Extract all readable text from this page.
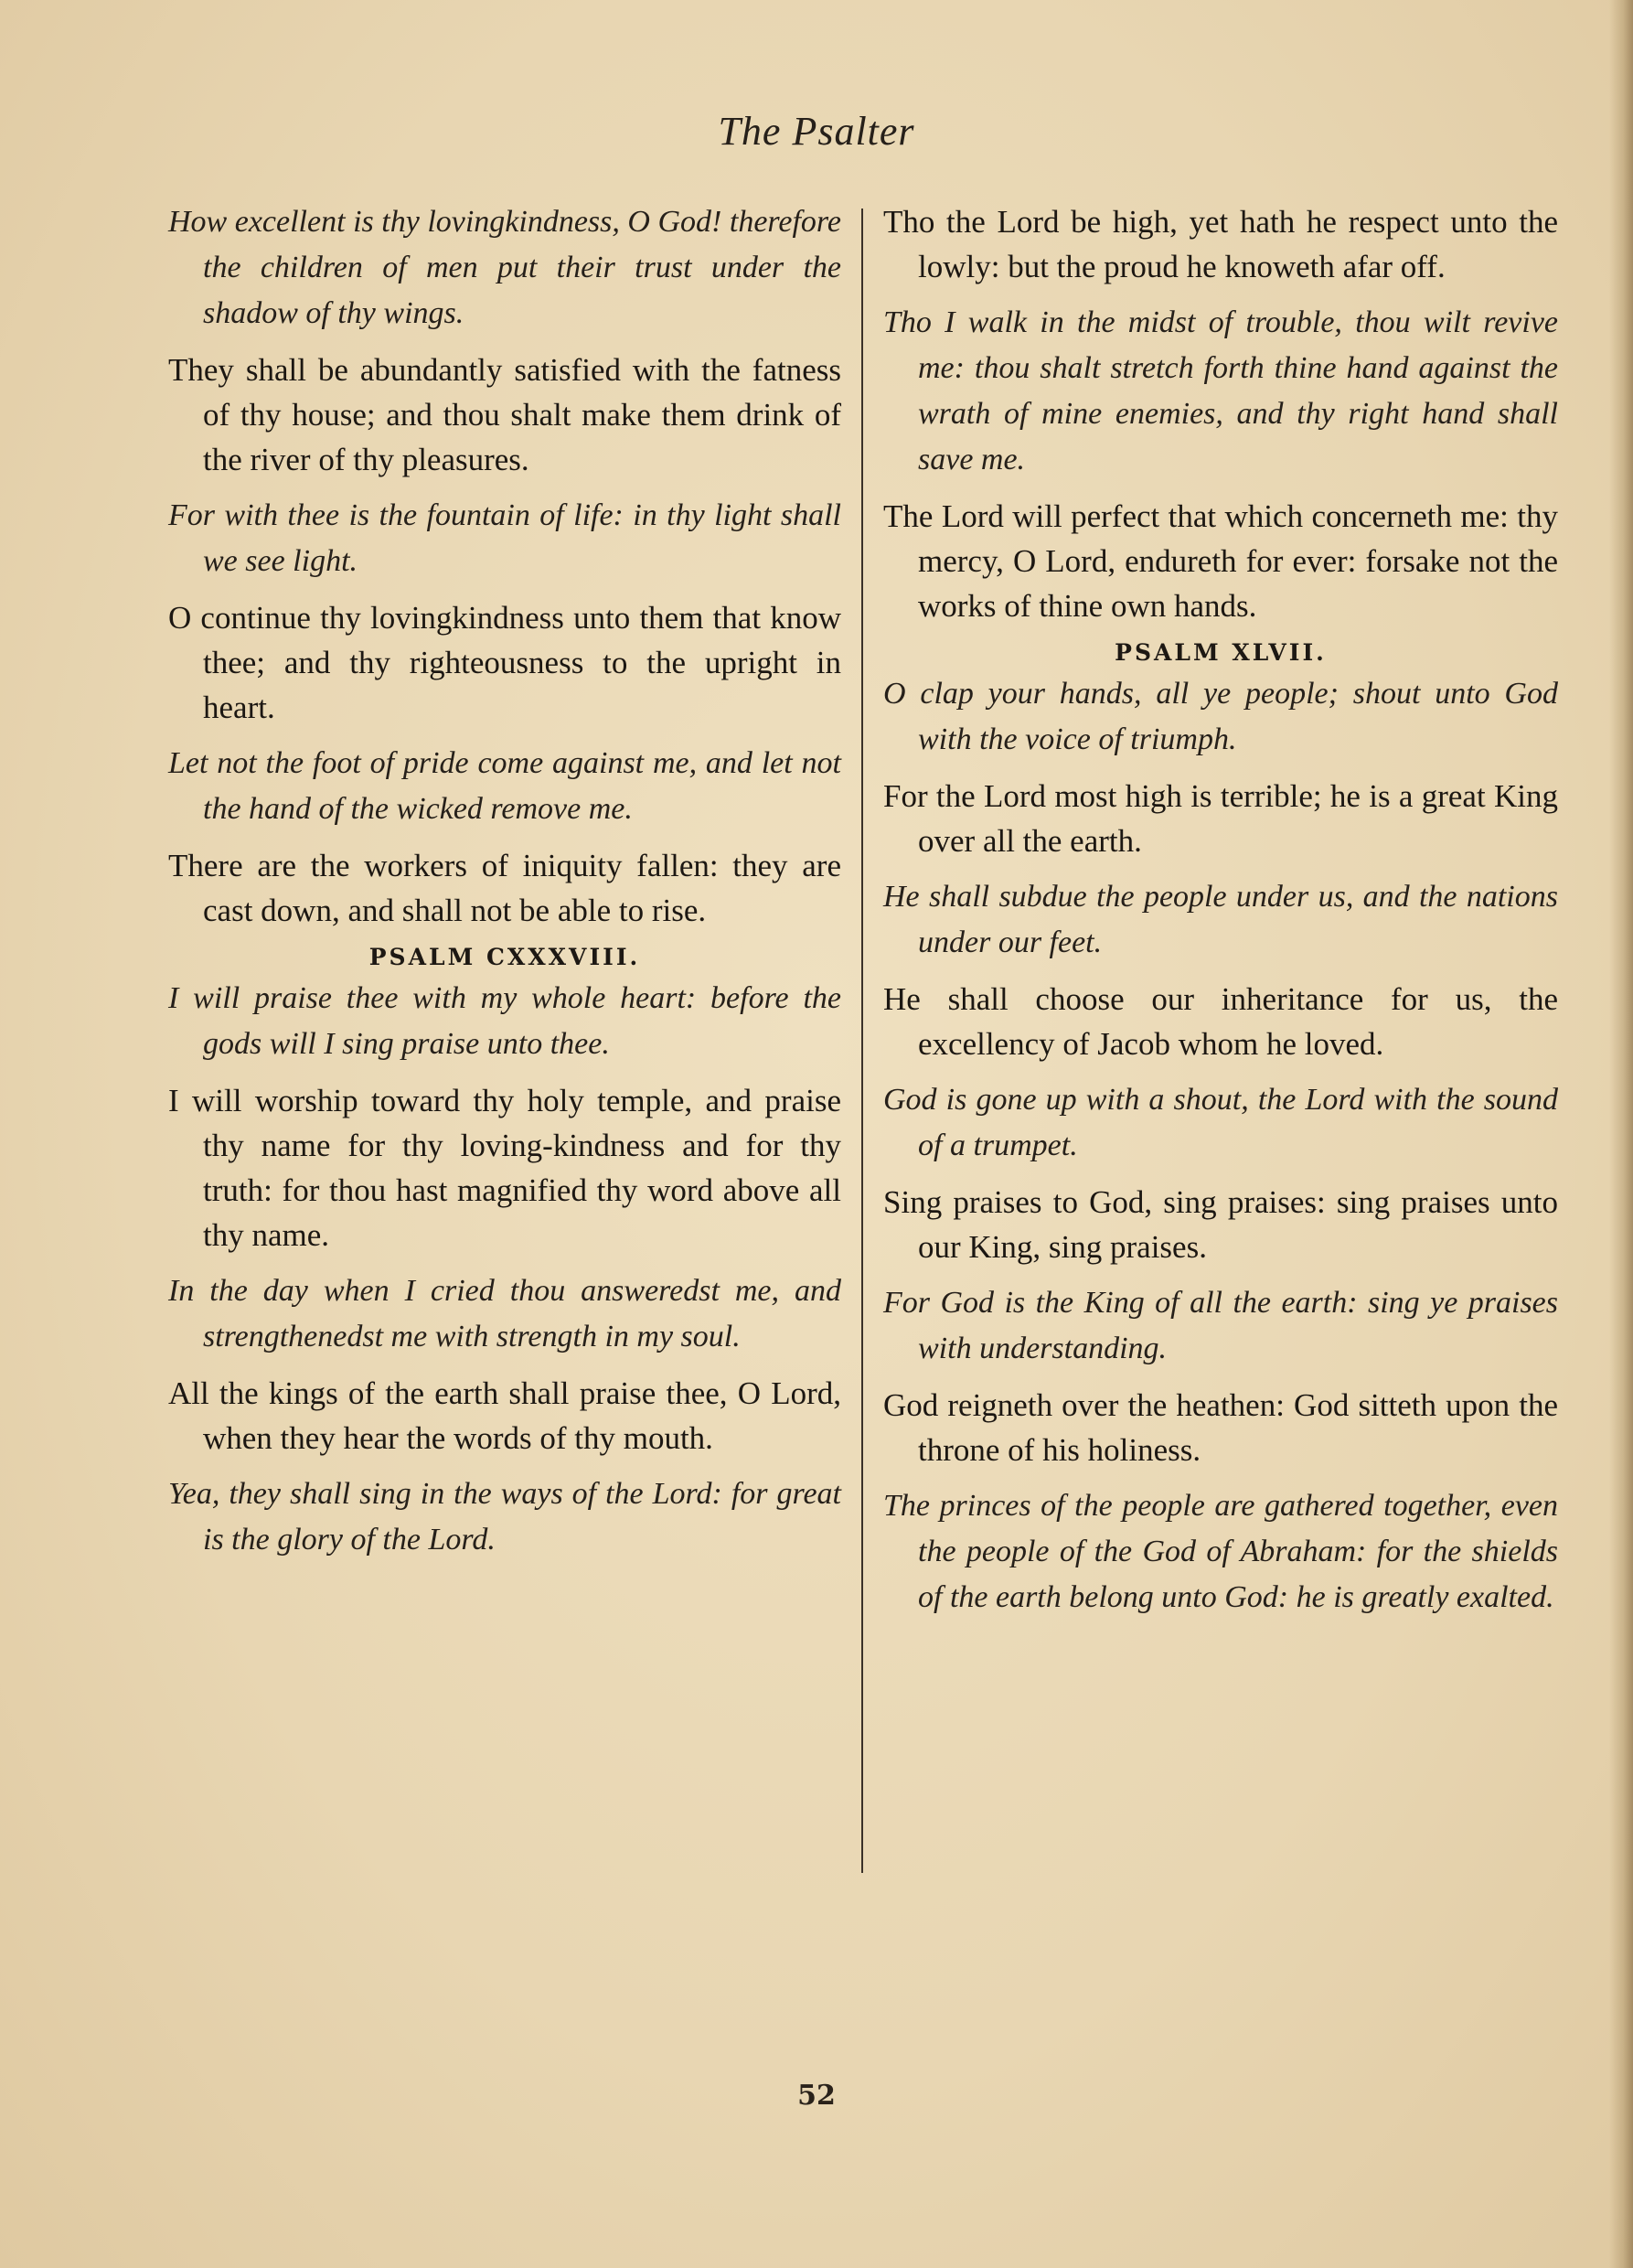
The Psalter

How excellent is thy lovingkindness, O God! therefore the children of men put their trust under the shadow of thy wings.

They shall be abundantly satisfied with the fatness of thy house; and thou shalt make them drink of the river of thy pleasures.

For with thee is the fountain of life: in thy light shall we see light.

O continue thy lovingkindness unto them that know thee; and thy righteousness to the upright in heart.

Let not the foot of pride come against me, and let not the hand of the wicked remove me.

There are the workers of iniquity fallen: they are cast down, and shall not be able to rise.

PSALM CXXXVIII.

I will praise thee with my whole heart: before the gods will I sing praise unto thee.

I will worship toward thy holy temple, and praise thy name for thy loving-kindness and for thy truth: for thou hast magnified thy word above all thy name.

In the day when I cried thou answeredst me, and strengthenedst me with strength in my soul.

All the kings of the earth shall praise thee, O Lord, when they hear the words of thy mouth.

Yea, they shall sing in the ways of the Lord: for great is the glory of the Lord.

Tho the Lord be high, yet hath he respect unto the lowly: but the proud he knoweth afar off.

Tho I walk in the midst of trouble, thou wilt revive me: thou shalt stretch forth thine hand against the wrath of mine enemies, and thy right hand shall save me.

The Lord will perfect that which concerneth me: thy mercy, O Lord, endureth for ever: forsake not the works of thine own hands.

PSALM XLVII.

O clap your hands, all ye people; shout unto God with the voice of triumph.

For the Lord most high is terrible; he is a great King over all the earth.

He shall subdue the people under us, and the nations under our feet.

He shall choose our inheritance for us, the excellency of Jacob whom he loved.

God is gone up with a shout, the Lord with the sound of a trumpet.

Sing praises to God, sing praises: sing praises unto our King, sing praises.

For God is the King of all the earth: sing ye praises with understanding.

God reigneth over the heathen: God sitteth upon the throne of his holiness.

The princes of the people are gathered together, even the people of the God of Abraham: for the shields of the earth belong unto God: he is greatly exalted.

52
